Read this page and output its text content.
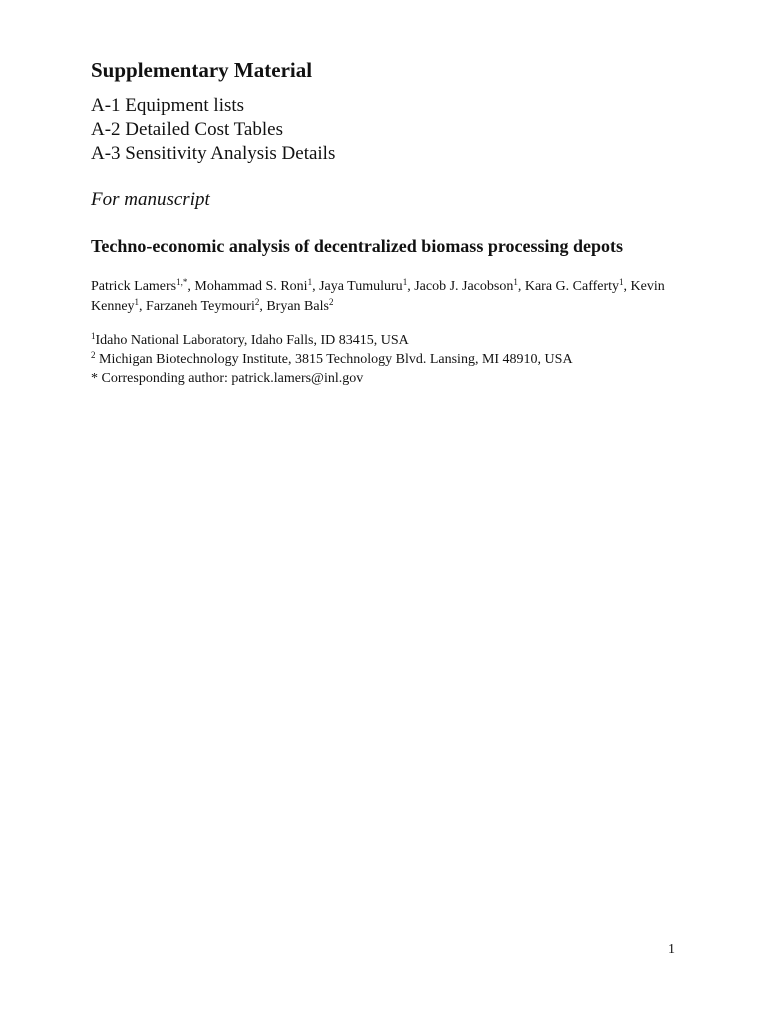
Supplementary Material
A-1 Equipment lists
A-2 Detailed Cost Tables
A-3 Sensitivity Analysis Details

For manuscript

Techno-economic analysis of decentralized biomass processing depots

Patrick Lamers$^{1,*}$, Mohammad S. Roni$^1$, Jaya Tumuluru$^1$, Jacob J. Jacobson$^1$, Kara G. Cafferty$^1$, Kevin Kenney$^1$, Farzaneh Teymouri$^2$, Bryan Bals$^2$

$^1$Idaho National Laboratory, Idaho Falls, ID 83415, USA
$^2$ Michigan Biotechnology Institute, 3815 Technology Blvd. Lansing, MI 48910, USA
* Corresponding author: patrick.lamers@inl.gov
1
